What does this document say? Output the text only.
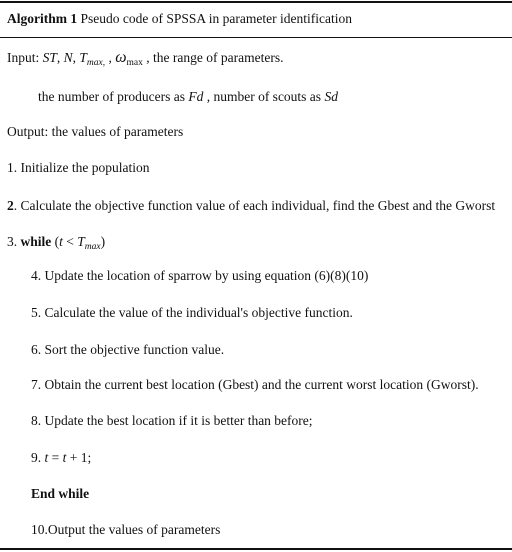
Algorithm 1 Pseudo code of SPSSA in parameter identification
Input: ST, N, $T_{max,}$ , $\omega_{max}$ , the range of parameters.
the number of producers as Fd , number of scouts as Sd
Output: the values of parameters
1. Initialize the population
2. Calculate the objective function value of each individual, find the Gbest and the Gworst
3. while $(t < T_{max})$
4. Update the location of sparrow by using equation (6)(8)(10)
5. Calculate the value of the individual's objective function.
6. Sort the objective function value.
7. Obtain the current best location (Gbest) and the current worst location (Gworst).
8. Update the best location if it is better than before;
9. t = t + 1;
End while
10.Output the values of parameters
